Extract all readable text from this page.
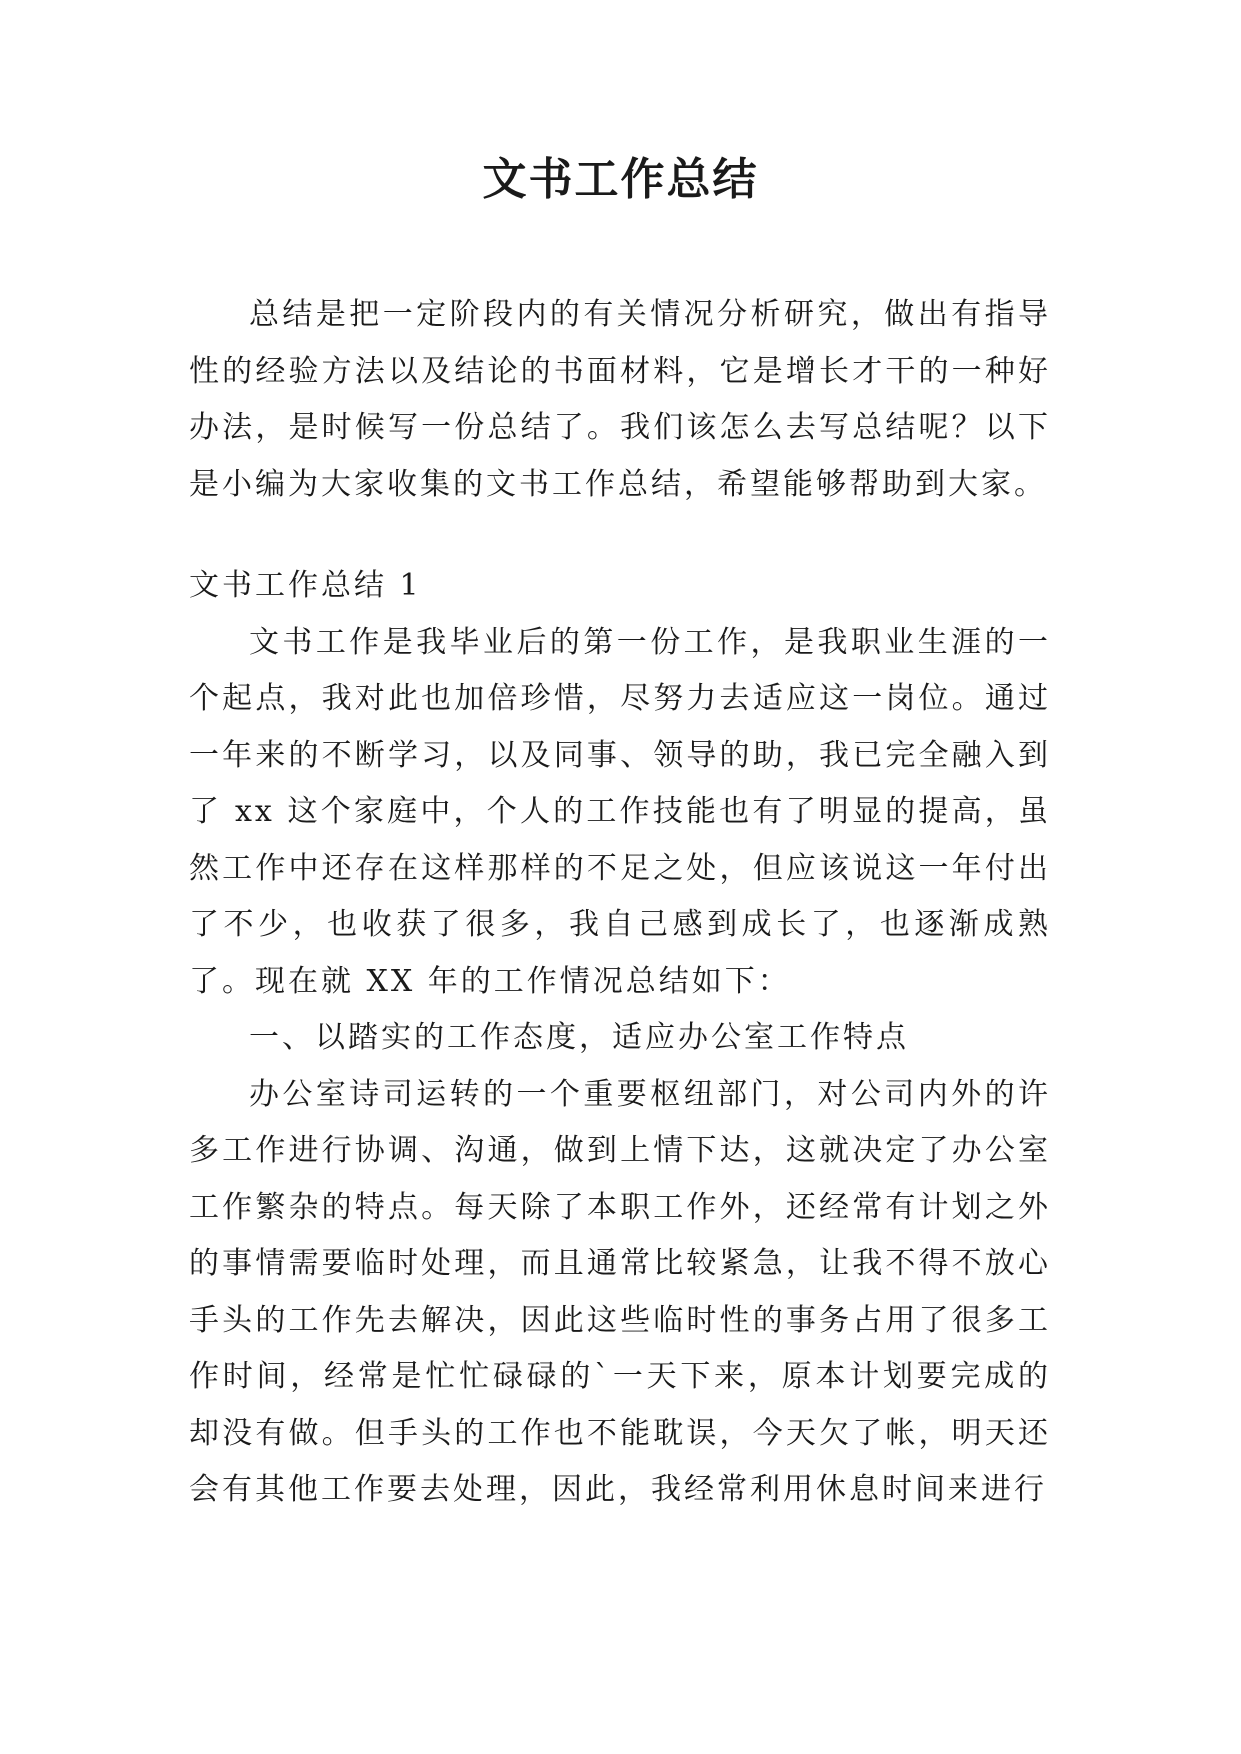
文书工作总结

总结是把一定阶段内的有关情况分析研究，做出有指导性的经验方法以及结论的书面材料，它是增长才干的一种好办法，是时候写一份总结了。我们该怎么去写总结呢？以下是小编为大家收集的文书工作总结，希望能够帮助到大家。

文书工作总结 1

文书工作是我毕业后的第一份工作，是我职业生涯的一个起点，我对此也加倍珍惜，尽努力去适应这一岗位。通过一年来的不断学习，以及同事、领导的助，我已完全融入到了 xx 这个家庭中，个人的工作技能也有了明显的提高，虽然工作中还存在这样那样的不足之处，但应该说这一年付出了不少，也收获了很多，我自己感到成长了，也逐渐成熟了。现在就 XX 年的工作情况总结如下：

一、以踏实的工作态度，适应办公室工作特点

办公室诗司运转的一个重要枢纽部门，对公司内外的许多工作进行协调、沟通，做到上情下达，这就决定了办公室工作繁杂的特点。每天除了本职工作外，还经常有计划之外的事情需要临时处理，而且通常比较紧急，让我不得不放心手头的工作先去解决，因此这些临时性的事务占用了很多工作时间，经常是忙忙碌碌的`一天下来，原本计划要完成的却没有做。但手头的工作也不能耽误，今天欠了帐，明天还会有其他工作要去处理，因此，我经常利用休息时间来进行
